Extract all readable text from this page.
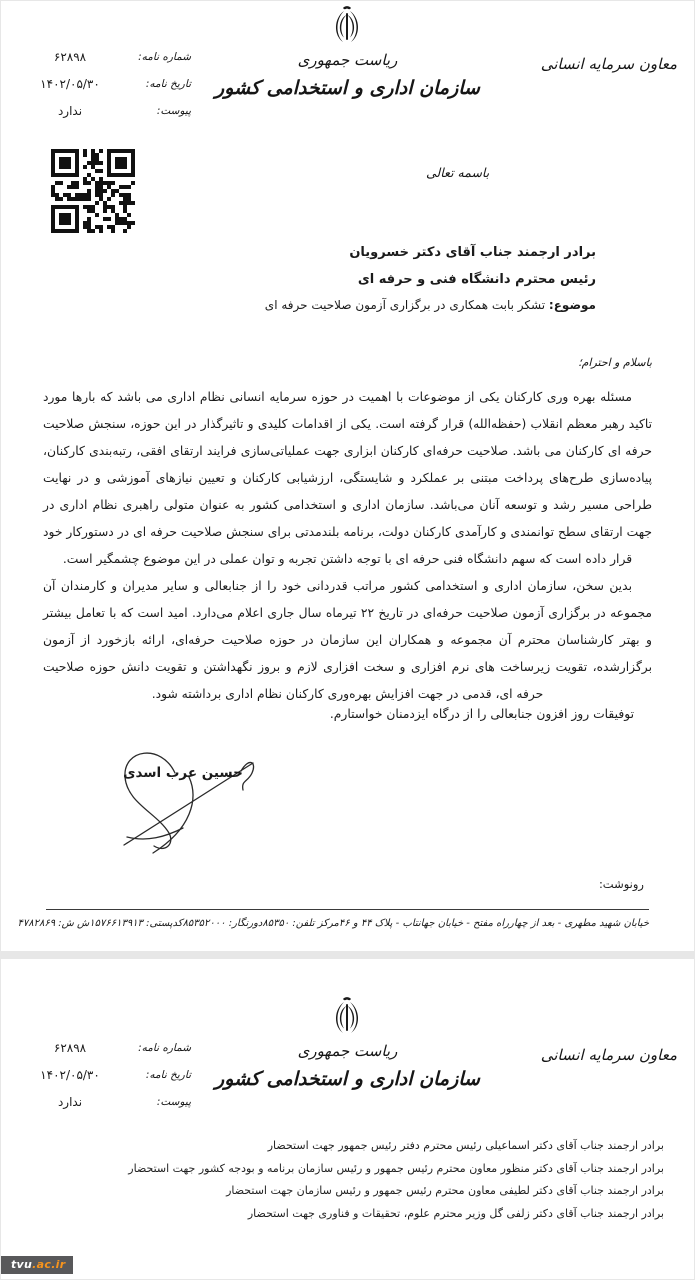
ریاست جمهوری
سازمان اداری و استخدامی کشور
معاون سرمایه انسانی
شماره نامه:
۶۲۸۹۸
تاریخ نامه:
۱۴۰۲/۰۵/۳۰
پیوست:
ندارد
باسمه تعالی
برادر ارجمند جناب آقای دکتر خسرویان
رئیس محترم دانشگاه فنی و حرفه ای
موضوع: تشکر بابت همکاری در برگزاری آزمون صلاحیت حرفه ای
باسلام و احترام؛

مسئله بهره وری کارکنان یکی از موضوعات با اهمیت در حوزه سرمایه انسانی نظام اداری می باشد که بارها مورد تاکید رهبر معظم انقلاب (حفظه‌الله) قرار گرفته است. یکی از اقدامات کلیدی و تاثیرگذار در این حوزه، سنجش صلاحیت حرفه ای کارکنان می باشد. صلاحیت حرفه‌ای کارکنان ابزاری جهت عملیاتی‌سازی فرایند ارتقای افقی، رتبه‌بندی کارکنان، پیاده‌سازی طرح‌های پرداخت مبتنی بر عملکرد و شایستگی، ارزشیابی کارکنان و تعیین نیازهای آموزشی و در نهایت طراحی مسیر رشد و توسعه آنان می‌باشد. سازمان اداری و استخدامی کشور به عنوان متولی راهبری نظام اداری در جهت ارتقای سطح توانمندی و کارآمدی کارکنان دولت، برنامه بلندمدتی برای سنجش صلاحیت حرفه ای در دستورکار خود قرار داده است که سهم دانشگاه فنی حرفه ای با توجه داشتن تجربه و توان عملی در این موضوع چشمگیر است.

بدین سخن، سازمان اداری و استخدامی کشور مراتب قدردانی خود را از جنابعالی و سایر مدیران و کارمندان آن مجموعه در برگزاری آزمون صلاحیت حرفه‌ای در تاریخ ۲۲ تیرماه سال جاری اعلام می‌دارد. امید است که با تعامل بیشتر و بهتر کارشناسان محترم آن مجموعه و همکاران این سازمان در حوزه صلاحیت حرفه‌ای، ارائه بازخورد از آزمون برگزارشده، تقویت زیرساخت های نرم افزاری و سخت افزاری لازم و بروز نگهداشتن و تقویت دانش حوزه صلاحیت حرفه ای، قدمی در جهت افزایش بهره‌وری کارکنان نظام اداری برداشته شود.

توفیقات روز افزون جنابعالی را از درگاه ایزدمنان خواستارم.
حسین عرب اسدی
رونوشت:
خیابان شهید مطهری - بعد از چهارراه مفتح - خیابان جهانتاب - پلاک ۴۴ و ۴۶
مرکز تلفن: ۸۵۳۵۰
دورنگار: ۸۵۳۵۲۰۰۰
کدپستی: ۱۵۷۶۶۱۳۹۱۳
ش ش: ۴۷۸۲۸۶۹
ریاست جمهوری
سازمان اداری و استخدامی کشور
معاون سرمایه انسانی
شماره نامه:
۶۲۸۹۸
تاریخ نامه:
۱۴۰۲/۰۵/۳۰
پیوست:
ندارد
برادر ارجمند جناب آقای دکتر اسماعیلی رئیس محترم دفتر رئیس جمهور جهت استحضار
برادر ارجمند جناب آقای دکتر منظور معاون محترم رئیس جمهور و رئیس سازمان برنامه و بودجه کشور جهت استحضار
برادر ارجمند جناب آقای دکتر لطیفی معاون محترم رئیس جمهور و رئیس سازمان جهت استحضار
برادر ارجمند جناب آقای دکتر زلفی گل وزیر محترم علوم، تحقیقات و فناوری جهت استحضار
tvu.ac.ir
